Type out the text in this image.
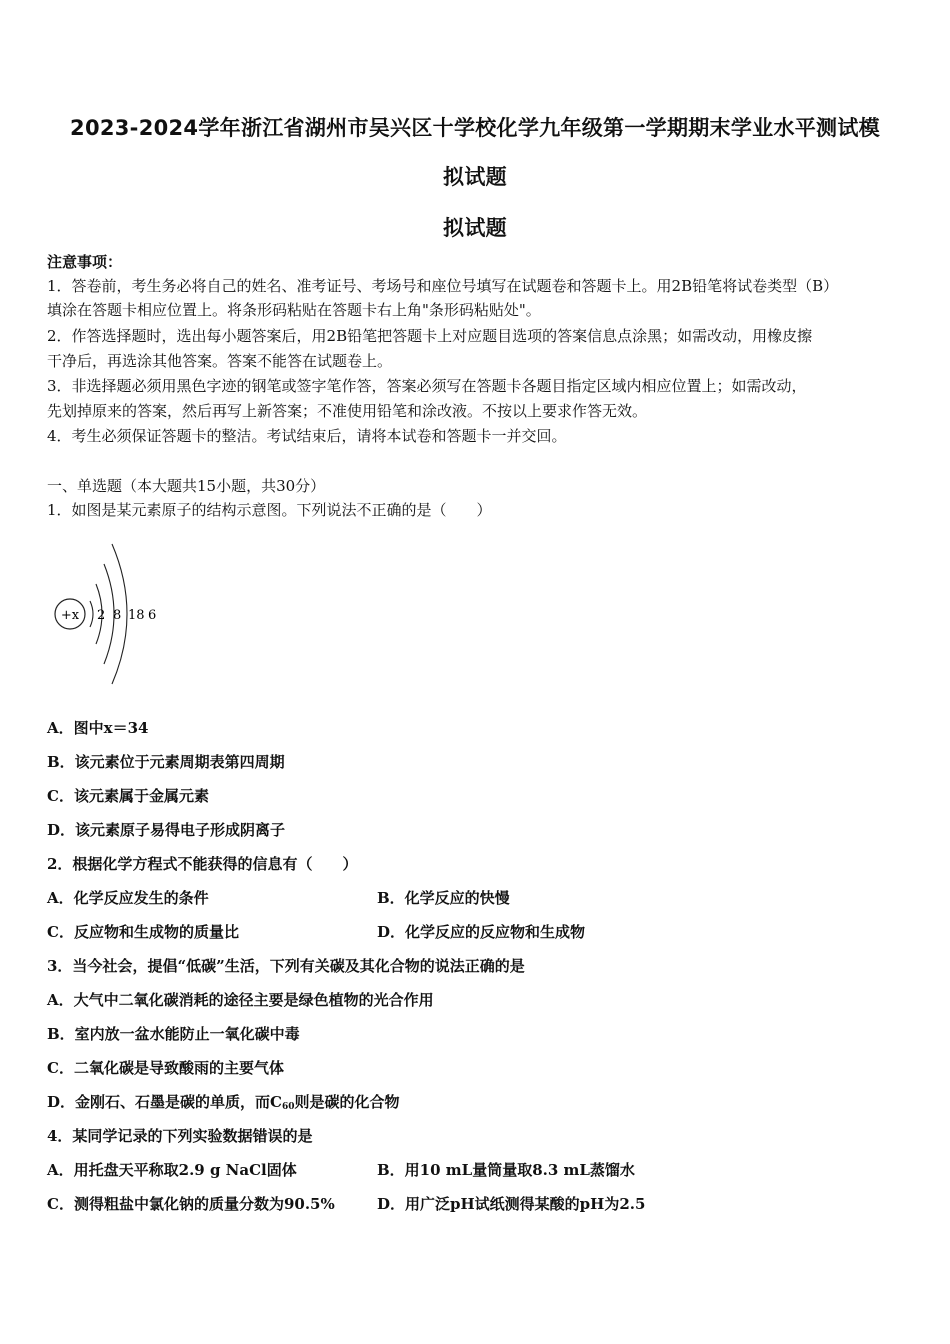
2023-2024学年浙江省湖州市吴兴区十学校化学九年级第一学期期末学业水平测试模
拟试题
拟试题
注意事项：
1．答卷前，考生务必将自己的姓名、准考证号、考场号和座位号填写在试题卷和答题卡上。用2B铅笔将试卷类型（B）
填涂在答题卡相应位置上。将条形码粘贴在答题卡右上角"条形码粘贴处"。
2．作答选择题时，选出每小题答案后，用2B铅笔把答题卡上对应题目选项的答案信息点涂黑；如需改动，用橡皮擦
干净后，再选涂其他答案。答案不能答在试题卷上。
3．非选择题必须用黑色字迹的钢笔或签字笔作答，答案必须写在答题卡各题目指定区域内相应位置上；如需改动，
先划掉原来的答案，然后再写上新答案；不准使用铅笔和涂改液。不按以上要求作答无效。
4．考生必须保证答题卡的整洁。考试结束后，请将本试卷和答题卡一并交回。
一、单选题（本大题共15小题，共30分）
1．如图是某元素原子的结构示意图。下列说法不正确的是（　　）
+x 2 8 18 6
A．图中x＝34
B．该元素位于元素周期表第四周期
C．该元素属于金属元素
D．该元素原子易得电子形成阴离子
2．根据化学方程式不能获得的信息有（　　）
A．化学反应发生的条件	B．化学反应的快慢
C．反应物和生成物的质量比	D．化学反应的反应物和生成物
3．当今社会，提倡“低碳”生活，下列有关碳及其化合物的说法正确的是
A．大气中二氧化碳消耗的途径主要是绿色植物的光合作用
B．室内放一盆水能防止一氧化碳中毒
C．二氧化碳是导致酸雨的主要气体
D．金刚石、石墨是碳的单质，而$C_{60}$则是碳的化合物
4．某同学记录的下列实验数据错误的是
A．用托盘天平称取2.9 g NaCl固体	B．用10 mL量筒量取8.3 mL蒸馏水
C．测得粗盐中氯化钠的质量分数为90.5%	D．用广泛pH试纸测得某酸的pH为2.5
